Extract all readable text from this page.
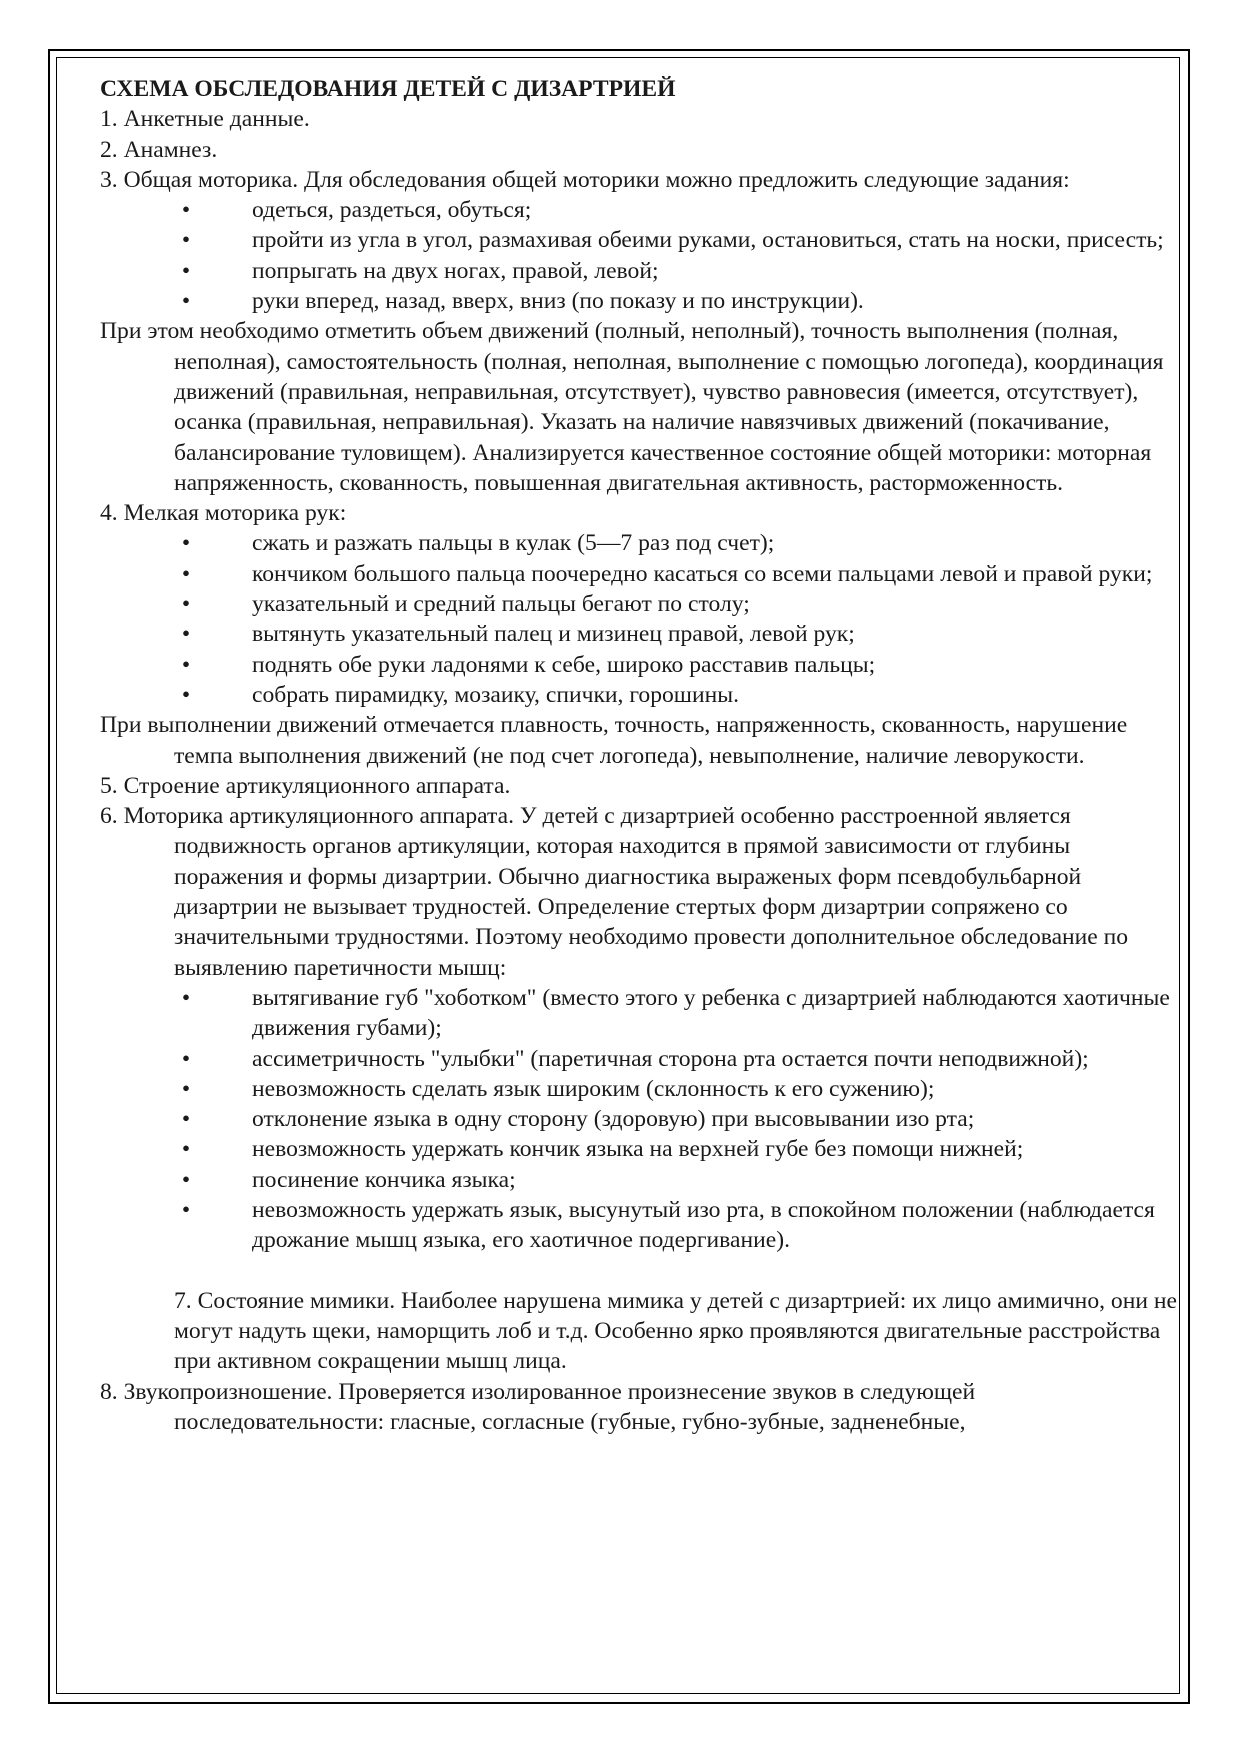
СХЕМА ОБСЛЕДОВАНИЯ ДЕТЕЙ С ДИЗАРТРИЕЙ

1. Анкетные данные.

2. Анамнез.

3. Общая моторика. Для обследования общей моторики можно предложить следующие задания:

•	одеться, раздеться, обуться;
•	пройти из угла в угол, размахивая обеими руками, остановиться, стать на носки, присесть;
•	попрыгать на двух ногах, правой, левой;
•	руки вперед, назад, вверх, вниз (по показу и по инструкции).

При этом необходимо отметить объем движений (полный, неполный), точность выполнения (полная, неполная), самостоятельность (полная, неполная, выполнение с помощью логопеда), координация движений (правильная, неправильная, отсутствует), чувство равновесия (имеется, отсутствует), осанка (правильная, неправильная). Указать на наличие навязчивых движений (покачивание, балансирование туловищем). Анализируется качественное состояние общей моторики: моторная напряженность, скованность, повышенная двигательная активность, расторможенность.

4. Мелкая моторика рук:

•	сжать и разжать пальцы в кулак (5—7 раз под счет);
•	кончиком большого пальца поочередно касаться со всеми пальцами левой и правой руки;
•	указательный и средний пальцы бегают по столу;
•	вытянуть указательный палец и мизинец правой, левой рук;
•	поднять обе руки ладонями к себе, широко расставив пальцы;
•	собрать пирамидку, мозаику, спички, горошины.

При выполнении движений отмечается плавность, точность, напряженность, скованность, нарушение темпа выполнения движений (не под счет логопеда), невыполнение, наличие леворукости.

5. Строение артикуляционного аппарата.

6. Моторика артикуляционного аппарата. У детей с дизартрией особенно расстроенной является подвижность органов артикуляции, которая находится в прямой зависимости от глубины поражения и формы дизартрии. Обычно диагностика выраженых форм псевдобульбарной дизартрии не вызывает трудностей. Определение стертых форм дизартрии сопряжено со значительными трудностями. Поэтому необходимо провести дополнительное обследование по выявлению паретичности мышц:

•	вытягивание губ "хоботком" (вместо этого у ребенка с дизартрией наблюдаются хаотичные движения губами);
•	ассиметричность "улыбки" (паретичная сторона рта остается почти неподвижной);
•	невозможность сделать язык широким (склонность к его сужению);
•	отклонение языка в одну сторону (здоровую) при высовывании изо рта;
•	невозможность удержать кончик языка на верхней губе без помощи нижней;
•	посинение кончика языка;
•	невозможность удержать язык, высунутый изо рта, в спокойном положении (наблюдается дрожание мышц языка, его хаотичное подергивание).

7. Состояние мимики. Наиболее нарушена мимика у детей с дизартрией: их лицо амимично, они не могут надуть щеки, наморщить лоб и т.д. Особенно ярко проявляются двигательные расстройства при активном сокращении мышц лица.

8. Звукопроизношение. Проверяется изолированное произнесение звуков в следующей последовательности: гласные, согласные (губные, губно-зубные, задненебные,
